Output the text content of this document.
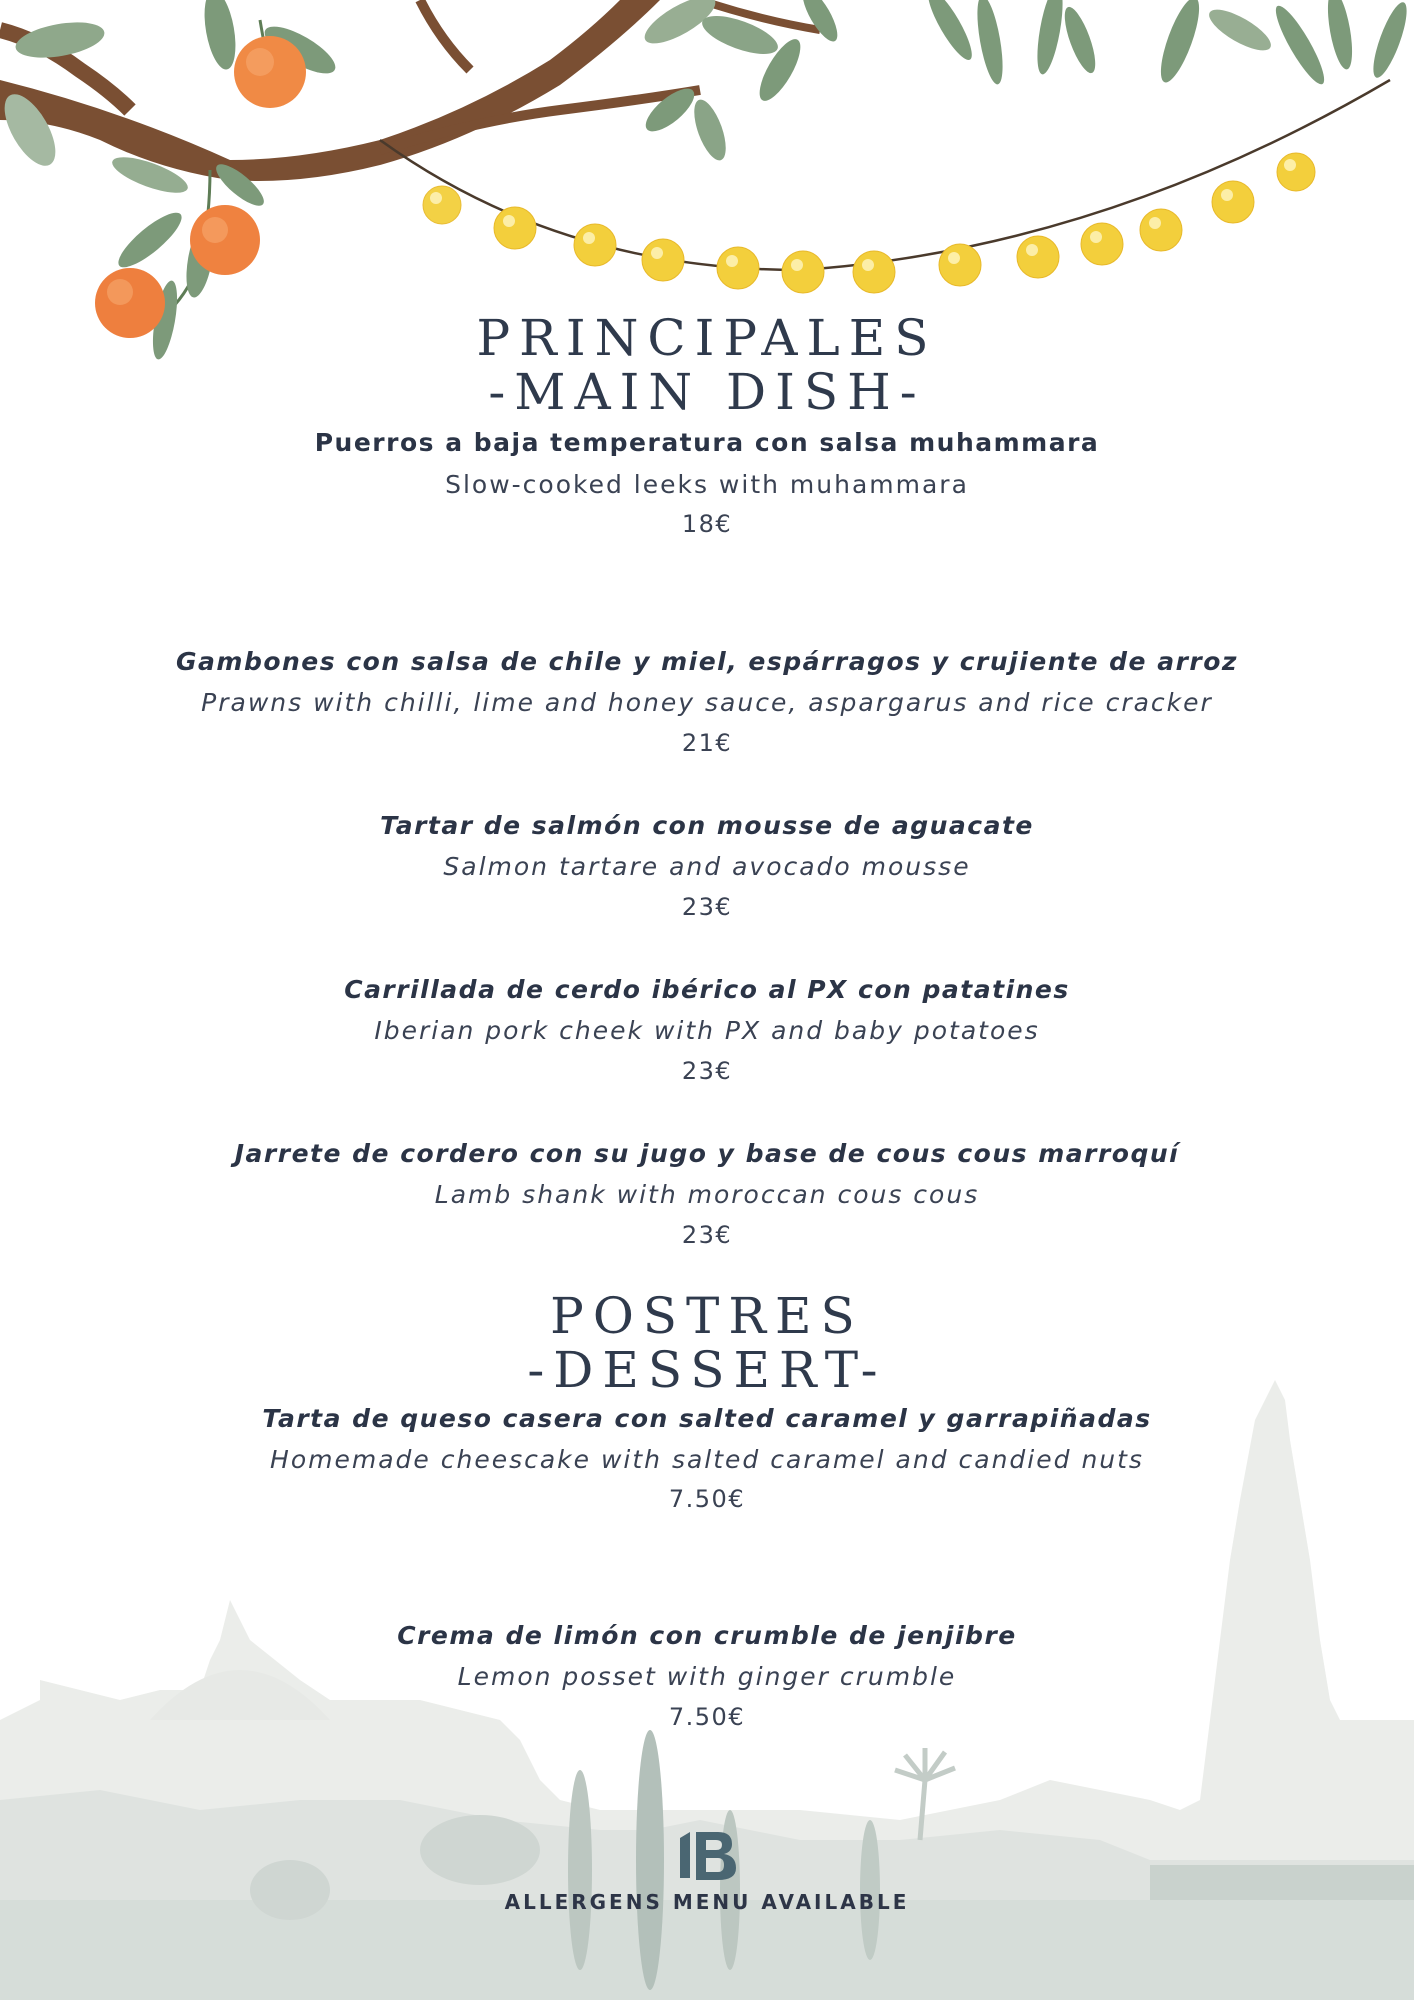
PRINCIPALES
-MAIN DISH-
Puerros a baja temperatura con salsa muhammara
Slow-cooked leeks with muhammara
18€
Gambones con salsa de chile y miel, espárragos y crujiente de arroz
Prawns with chilli, lime and honey sauce, aspargarus and rice cracker
21€
Tartar de salmón con mousse de aguacate
Salmon tartare and avocado mousse
23€
Carrillada de cerdo ibérico al PX con patatines
Iberian pork cheek with PX and baby potatoes
23€
Jarrete de cordero con su jugo y base de cous cous marroquí
Lamb shank with moroccan cous cous
23€
POSTRES
-DESSERT-
Tarta de queso casera con salted caramel y garrapiñadas
Homemade cheescake with salted caramel and candied nuts
7.50€
Crema de limón con crumble de jenjibre
Lemon posset with ginger crumble
7.50€
ALLERGENS MENU AVAILABLE
